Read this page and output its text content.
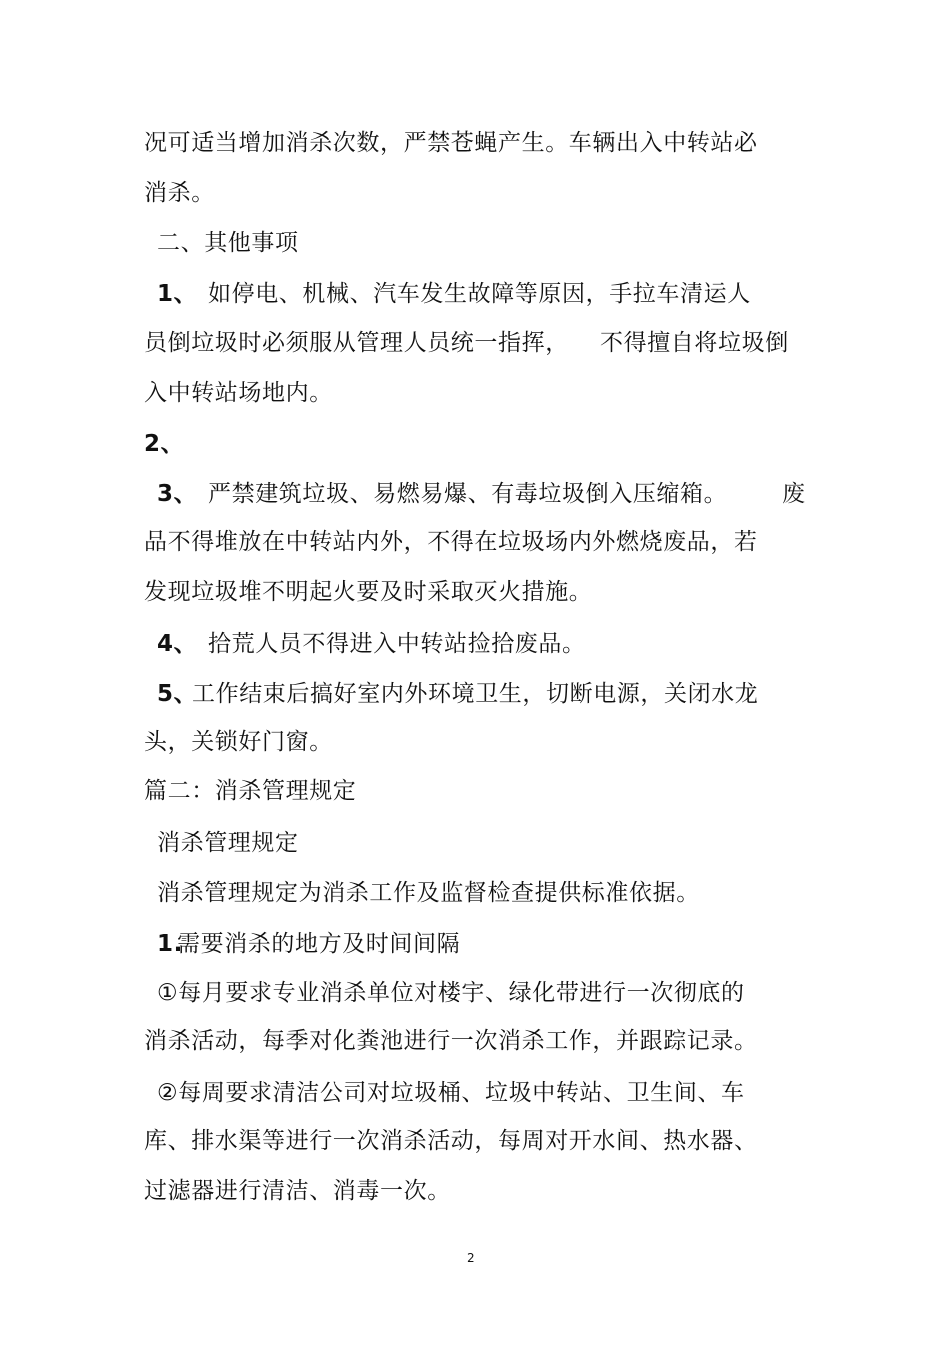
况可适当增加消杀次数，严禁苍蝇产生。车辆出入中转站必

消杀。

二、其他事项

1、 如停电、机械、汽车发生故障等原因，手拉车清运人

员倒垃圾时必须服从管理人员统一指挥， 不得擅自将垃圾倒

入中转站场地内。

2、

3、 严禁建筑垃圾、易燃易爆、有毒垃圾倒入压缩箱。 废

品不得堆放在中转站内外，不得在垃圾场内外燃烧废品，若

发现垃圾堆不明起火要及时采取灭火措施。

4、 拾荒人员不得进入中转站捡拾废品。

5、

工作结束后搞好室内外环境卫生，切断电源，关闭水龙

头，关锁好门窗。

篇二：消杀管理规定

消杀管理规定

消杀管理规定为消杀工作及监督检查提供标准依据。

1.

需要消杀的地方及时间间隔

①每月要求专业消杀单位对楼宇、绿化带进行一次彻底的

消杀活动，每季对化粪池进行一次消杀工作，并跟踪记录。

②每周要求清洁公司对垃圾桶、垃圾中转站、卫生间、车

库、排水渠等进行一次消杀活动，每周对开水间、热水器、

过滤器进行清洁、消毒一次。

2
